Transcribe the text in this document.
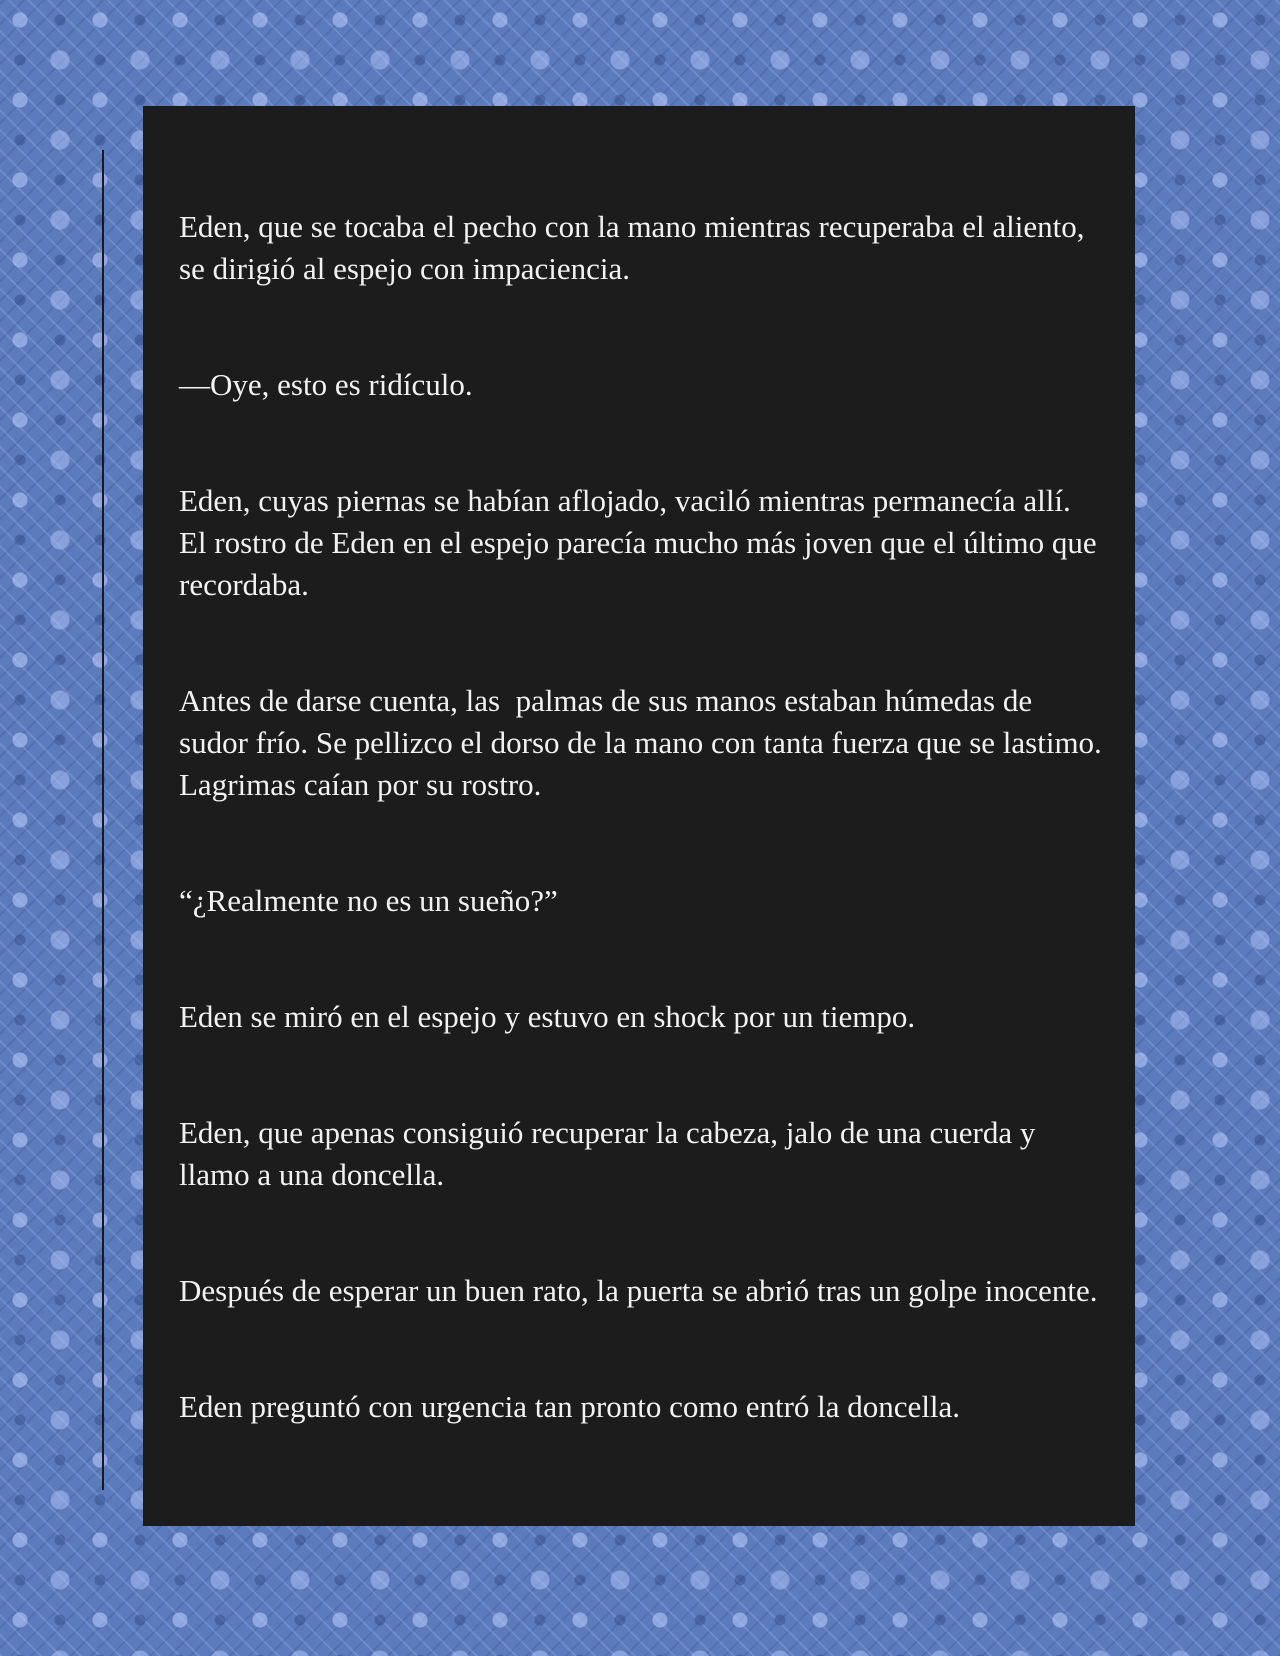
Eden, que se tocaba el pecho con la mano mientras recuperaba el aliento, se dirigió al espejo con impaciencia.

—Oye, esto es ridículo.

Eden, cuyas piernas se habían aflojado, vaciló mientras permanecía allí. El rostro de Eden en el espejo parecía mucho más joven que el último que recordaba.

Antes de darse cuenta, las  palmas de sus manos estaban húmedas de sudor frío. Se pellizco el dorso de la mano con tanta fuerza que se lastimo. Lagrimas caían por su rostro.

“¿Realmente no es un sueño?”

Eden se miró en el espejo y estuvo en shock por un tiempo.

Eden, que apenas consiguió recuperar la cabeza, jalo de una cuerda y llamo a una doncella.

Después de esperar un buen rato, la puerta se abrió tras un golpe inocente.

Eden preguntó con urgencia tan pronto como entró la doncella.
